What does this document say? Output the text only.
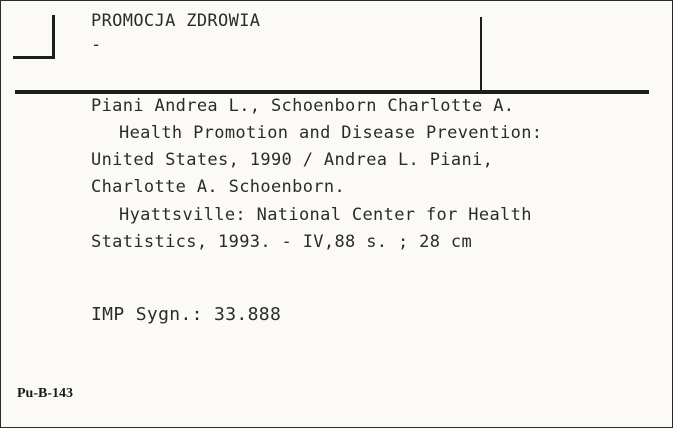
PROMOCJA ZDROWIA
-
Piani Andrea L., Schoenborn Charlotte A.
Health Promotion and Disease Prevention:
United States, 1990 / Andrea L. Piani,
Charlotte A. Schoenborn.
Hyattsville: National Center for Health
Statistics, 1993. - IV,88 s. ; 28 cm
IMP Sygn.: 33.888
Pu-B-143
